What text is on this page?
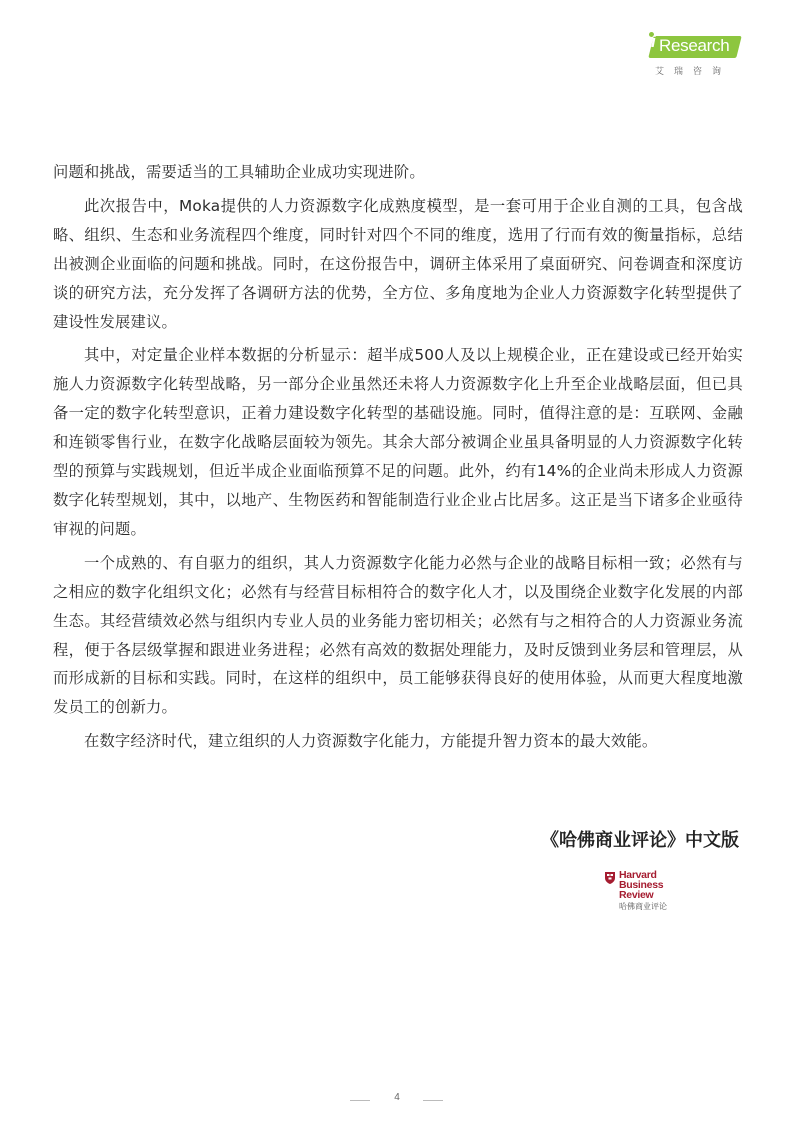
i Research
艾瑞咨询

问题和挑战，需要适当的工具辅助企业成功实现进阶。

此次报告中，Moka提供的人力资源数字化成熟度模型，是一套可用于企业自测的工具，包含战略、组织、生态和业务流程四个维度，同时针对四个不同的维度，选用了行而有效的衡量指标，总结出被测企业面临的问题和挑战。同时，在这份报告中，调研主体采用了桌面研究、问卷调查和深度访谈的研究方法，充分发挥了各调研方法的优势，全方位、多角度地为企业人力资源数字化转型提供了建设性发展建议。

其中，对定量企业样本数据的分析显示：超半成500人及以上规模企业，正在建设或已经开始实施人力资源数字化转型战略，另一部分企业虽然还未将人力资源数字化上升至企业战略层面，但已具备一定的数字化转型意识，正着力建设数字化转型的基础设施。同时，值得注意的是：互联网、金融和连锁零售行业，在数字化战略层面较为领先。其余大部分被调企业虽具备明显的人力资源数字化转型的预算与实践规划，但近半成企业面临预算不足的问题。此外，约有14%的企业尚未形成人力资源数字化转型规划，其中，以地产、生物医药和智能制造行业企业占比居多。这正是当下诸多企业亟待审视的问题。

一个成熟的、有自驱力的组织，其人力资源数字化能力必然与企业的战略目标相一致；必然有与之相应的数字化组织文化；必然有与经营目标相符合的数字化人才，以及围绕企业数字化发展的内部生态。其经营绩效必然与组织内专业人员的业务能力密切相关；必然有与之相符合的人力资源业务流程，便于各层级掌握和跟进业务进程；必然有高效的数据处理能力，及时反馈到业务层和管理层，从而形成新的目标和实践。同时，在这样的组织中，员工能够获得良好的使用体验，从而更大程度地激发员工的创新力。

在数字经济时代，建立组织的人力资源数字化能力，方能提升智力资本的最大效能。

《哈佛商业评论》中文版
Harvard
Business
Review
哈佛商业评论
4
